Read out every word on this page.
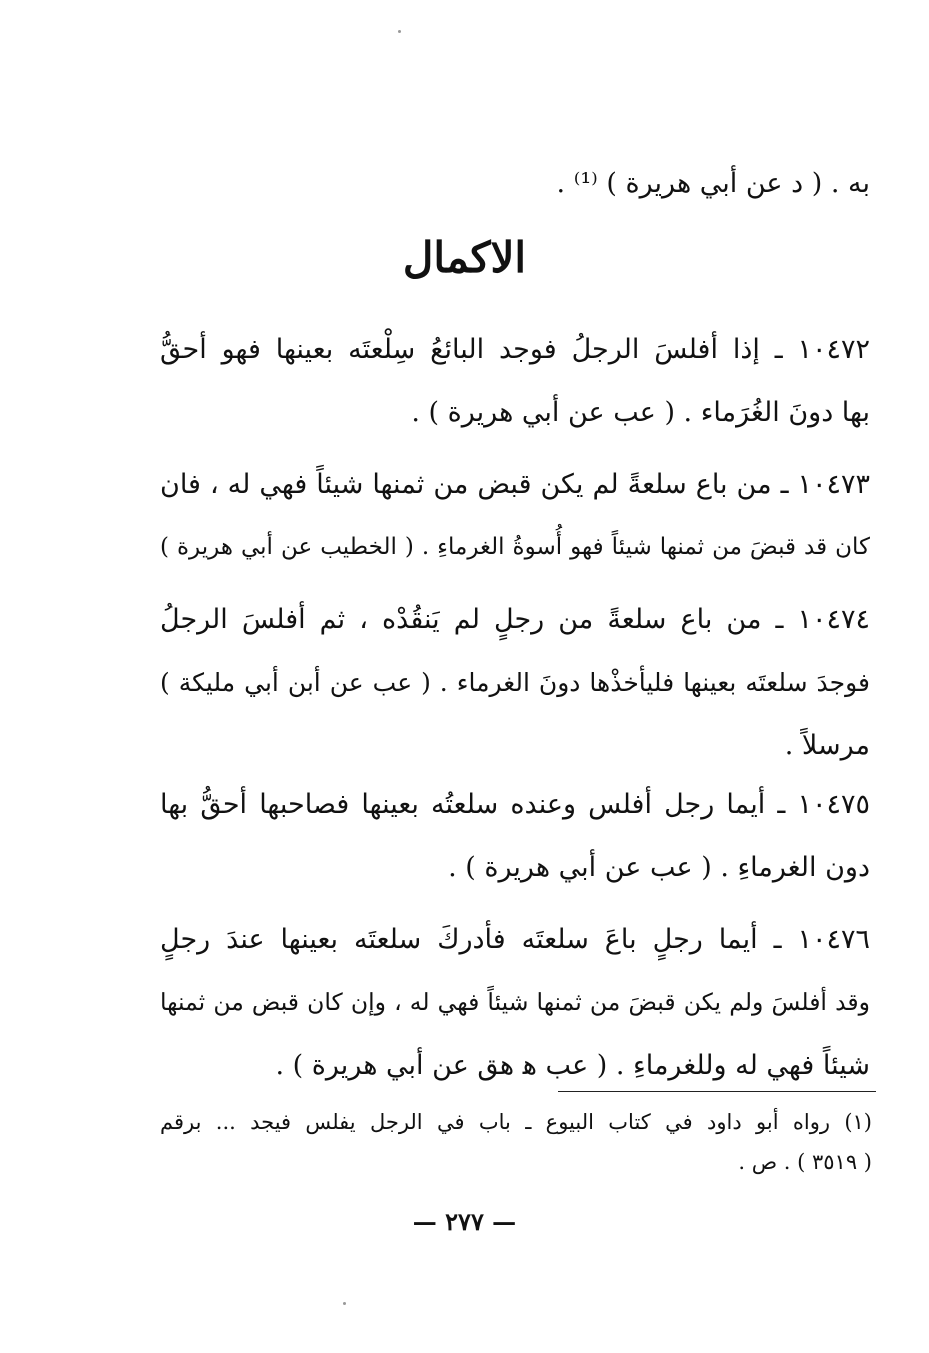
به . ( د عن أبي هريرة ) ⁽¹⁾ .
الاكمال
١٠٤٧٢ ـ إذا أفلسَ الرجلُ فوجد البائعُ سِلْعتَه بعينها فهو أحقُّ
بها دونَ الغُرَماء . ( عب عن أبي هريرة ) .
١٠٤٧٣ ـ من باع سلعةً لم يكن قبض من ثمنها شيئاً فهي له ، فان
كان قد قبضَ من ثمنها شيئاً فهو أُسوةُ الغرماءِ . ( الخطيب عن أبي هريرة )
١٠٤٧٤ ـ من باع سلعةً من رجلٍ لم يَنقُدْه ، ثم أفلسَ الرجلُ
فوجدَ سلعتَه بعينها فليأخذْها دونَ الغرماء . ( عب عن أبن أبي مليكة )
مرسلاً .
١٠٤٧٥ ـ أيما رجل أفلس وعنده سلعتُه بعينها فصاحبها أحقُّ بها
دون الغرماءِ . ( عب عن أبي هريرة ) .
١٠٤٧٦ ـ أيما رجلٍ باعَ سلعتَه فأدركَ سلعتَه بعينها عندَ رجلٍ
وقد أفلسَ ولم يكن قبضَ من ثمنها شيئاً فهي له ، وإن كان قبض من ثمنها
شيئاً فهي له وللغرماءِ . ( عب ﻫ هق عن أبي هريرة ) .
(١) رواه أبو داود في كتاب البيوع ـ باب في الرجل يفلس فيجد ... برقم
( ٣٥١٩ ) . ص .
— ٢٧٧ —
